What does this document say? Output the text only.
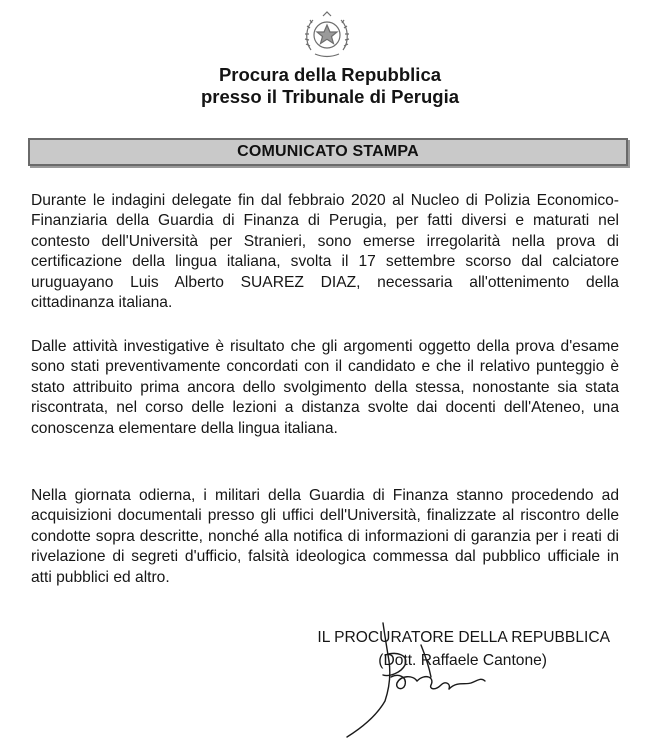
Procura della Repubblica
presso il Tribunale di Perugia
COMUNICATO STAMPA

Durante le indagini delegate fin dal febbraio 2020 al Nucleo di Polizia Economico-Finanziaria della Guardia di Finanza di Perugia, per fatti diversi e maturati nel contesto dell'Università per Stranieri, sono emerse irregolarità nella prova di certificazione della lingua italiana, svolta il 17 settembre scorso dal calciatore uruguayano Luis Alberto SUAREZ DIAZ, necessaria all'ottenimento della cittadinanza italiana.

Dalle attività investigative è risultato che gli argomenti oggetto della prova d'esame sono stati preventivamente concordati con il candidato e che il relativo punteggio è stato attribuito prima ancora dello svolgimento della stessa, nonostante sia stata riscontrata, nel corso delle lezioni a distanza svolte dai docenti dell'Ateneo, una conoscenza elementare della lingua italiana.

Nella giornata odierna, i militari della Guardia di Finanza stanno procedendo ad acquisizioni documentali presso gli uffici dell'Università, finalizzate al riscontro delle condotte sopra descritte, nonché alla notifica di informazioni di garanzia per i reati di rivelazione di segreti d'ufficio, falsità ideologica commessa dal pubblico ufficiale in atti pubblici ed altro.

IL PROCURATORE DELLA REPUBBLICA
(Dott. Raffaele Cantone)
